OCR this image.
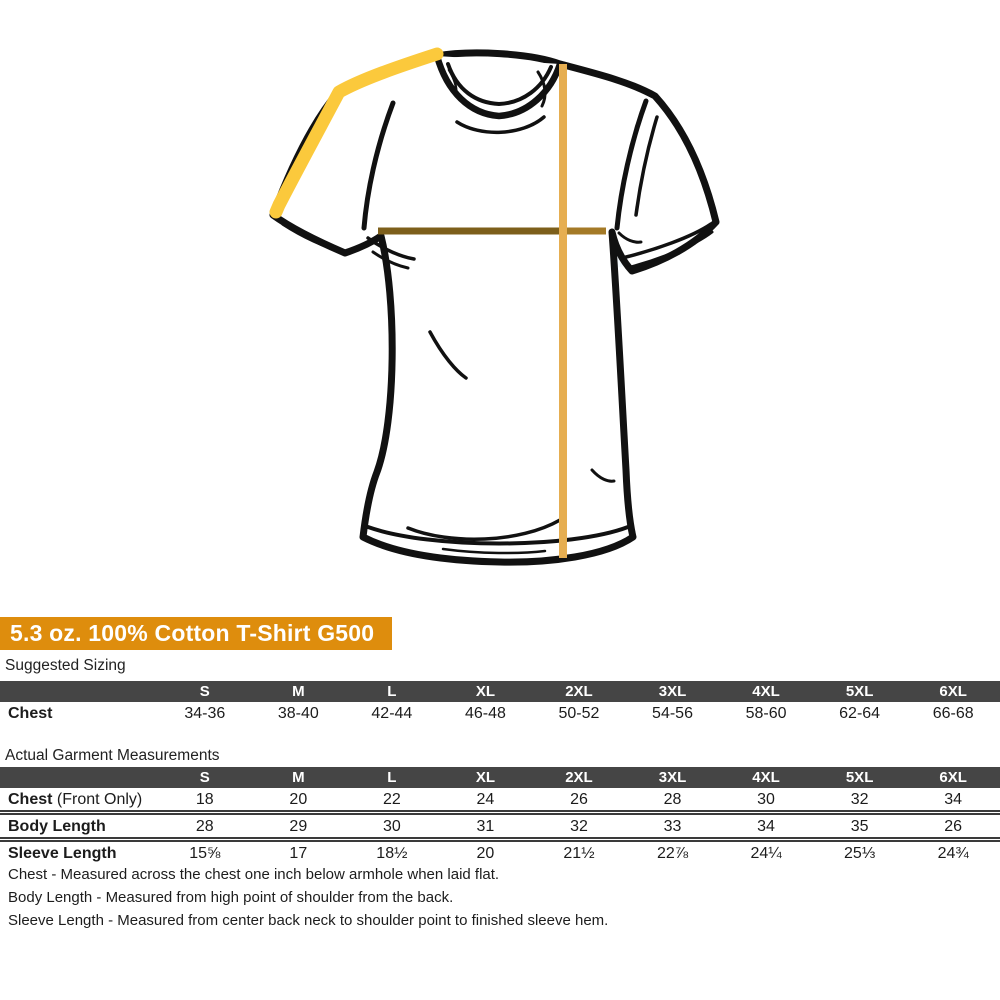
5.3 oz. 100% Cotton T-Shirt G500
Suggested Sizing
	S	M	L	XL	2XL	3XL	4XL	5XL	6XL
Chest	34-36	38-40	42-44	46-48	50-52	54-56	58-60	62-64	66-68
Actual Garment Measurements
	S	M	L	XL	2XL	3XL	4XL	5XL	6XL
Chest (Front Only)	18	20	22	24	26	28	30	32	34
Body Length	28	29	30	31	32	33	34	35	26
Sleeve Length	15⅝	17	18½	20	21½	22⅞	24¼	25⅓	24¾
Chest - Measured across the chest one inch below armhole when laid flat.
Body Length - Measured from high point of shoulder from the back.
Sleeve Length - Measured from center back neck to shoulder point to finished sleeve hem.
